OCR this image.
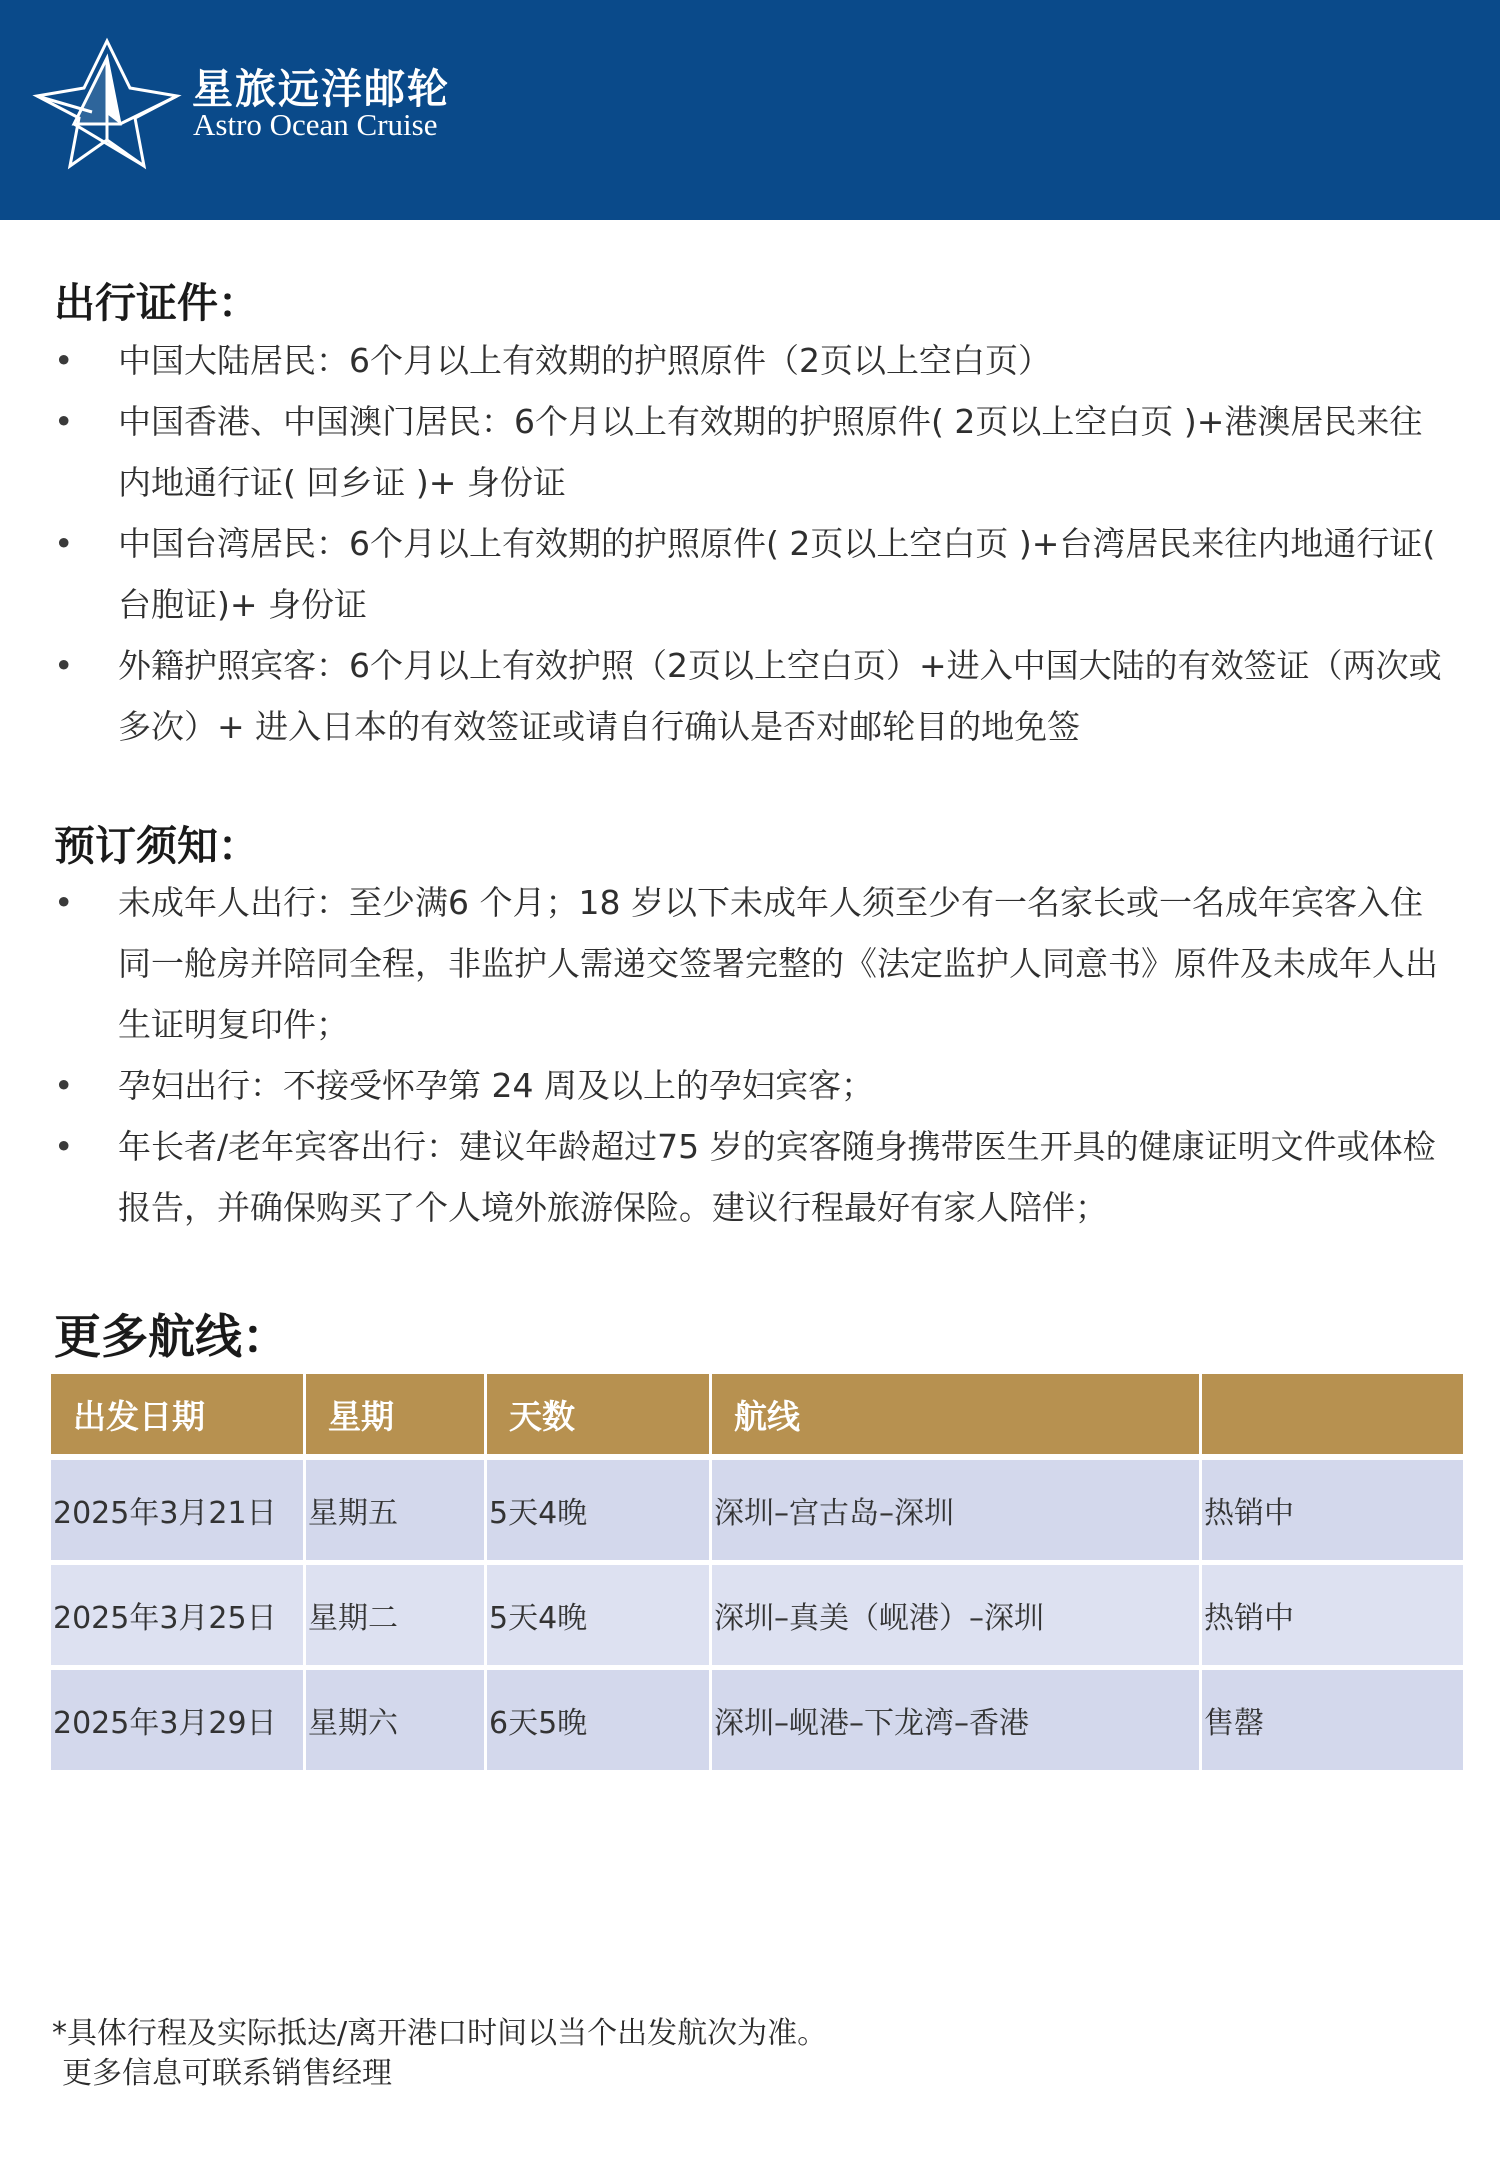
星旅远洋邮轮
Astro Ocean Cruise
出行证件：
• 中国大陆居民：6个月以上有效期的护照原件（2页以上空白页）
• 中国香港、中国澳门居民：6个月以上有效期的护照原件( 2页以上空白页 )+港澳居民来往内地通行证( 回乡证 )+ 身份证
• 中国台湾居民：6个月以上有效期的护照原件( 2页以上空白页 )+台湾居民来往内地通行证( 台胞证)+ 身份证
• 外籍护照宾客：6个月以上有效护照（2页以上空白页）+进入中国大陆的有效签证（两次或多次）+ 进入日本的有效签证或请自行确认是否对邮轮目的地免签
预订须知：
• 未成年人出行：至少满6 个月；18 岁以下未成年人须至少有一名家长或一名成年宾客入住同一舱房并陪同全程，非监护人需递交签署完整的《法定监护人同意书》原件及未成年人出生证明复印件；
• 孕妇出行：不接受怀孕第 24 周及以上的孕妇宾客；
• 年长者/老年宾客出行：建议年龄超过75 岁的宾客随身携带医生开具的健康证明文件或体检报告，并确保购买了个人境外旅游保险。建议行程最好有家人陪伴；
更多航线：
出发日期	星期	天数	航线	
2025年3月21日	星期五	5天4晚	深圳–宫古岛–深圳	热销中
2025年3月25日	星期二	5天4晚	深圳–真美（岘港）–深圳	热销中
2025年3月29日	星期六	6天5晚	深圳–岘港–下龙湾–香港	售罄
*具体行程及实际抵达/离开港口时间以当个出发航次为准。
更多信息可联系销售经理
